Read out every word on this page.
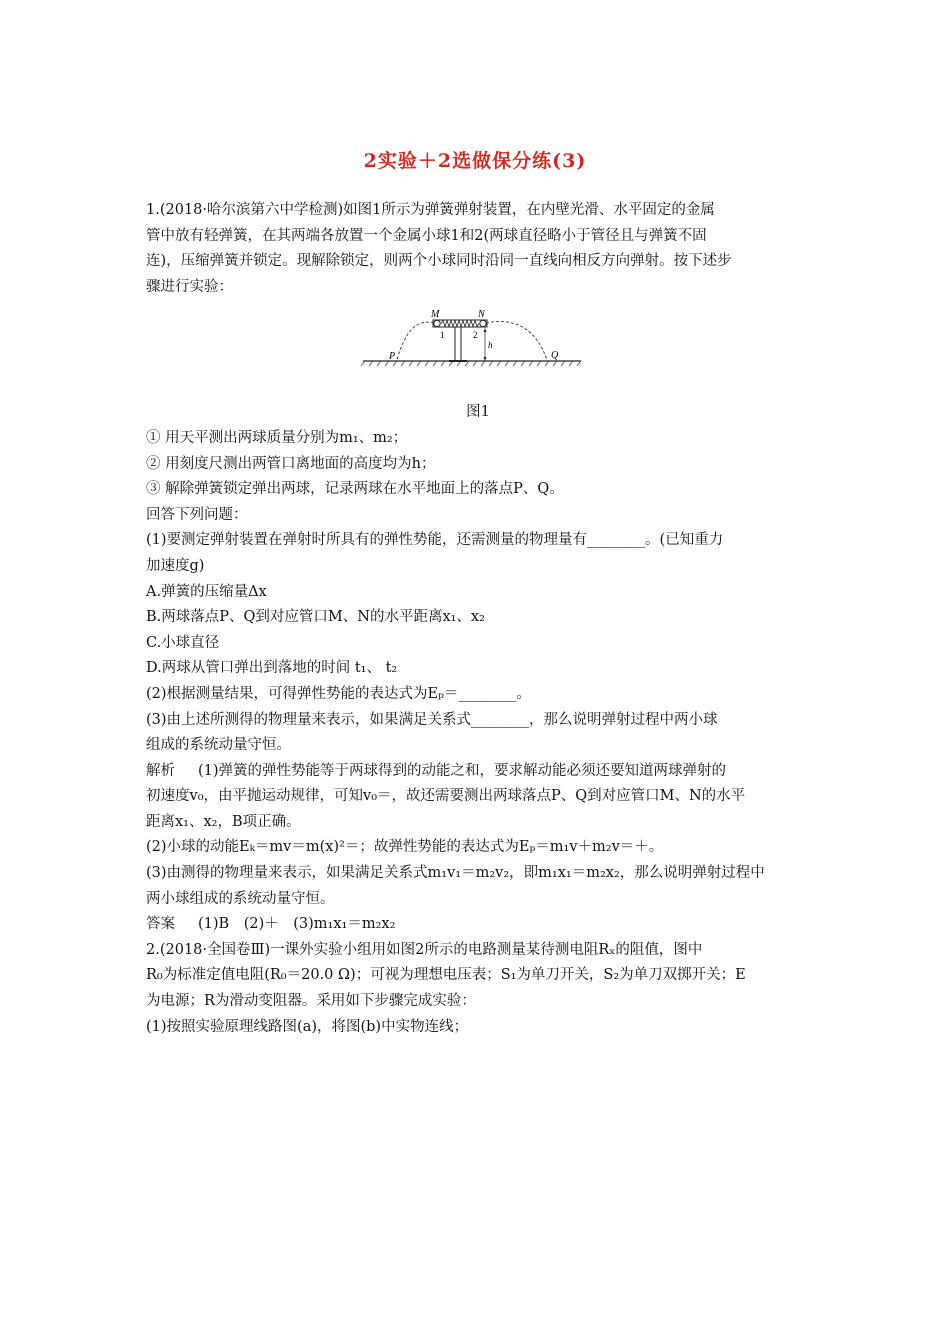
2实验＋2选做保分练(3)

1.(2018·哈尔滨第六中学检测)如图1所示为弹簧弹射装置，在内壁光滑、水平固定的金属

管中放有轻弹簧，在其两端各放置一个金属小球1和2(两球直径略小于管径且与弹簧不固

连)，压缩弹簧并锁定。现解除锁定，则两个小球同时沿同一直线向相反方向弹射。按下述步

骤进行实验：

M	N
1	2
h
P	Q

图1

① 用天平测出两球质量分别为m₁、m₂；

② 用刻度尺测出两管口离地面的高度均为h；

③ 解除弹簧锁定弹出两球，记录两球在水平地面上的落点P、Q。

回答下列问题：

(1)要测定弹射装置在弹射时所具有的弹性势能，还需测量的物理量有________。(已知重力

加速度g)

A.弹簧的压缩量Δx

B.两球落点P、Q到对应管口M、N的水平距离x₁、x₂

C.小球直径

D.两球从管口弹出到落地的时间 t₁、 t₂

(2)根据测量结果，可得弹性势能的表达式为Eₚ＝________。

(3)由上述所测得的物理量来表示，如果满足关系式________，那么说明弹射过程中两小球

组成的系统动量守恒。

解析 (1)弹簧的弹性势能等于两球得到的动能之和，要求解动能必须还要知道两球弹射的

初速度v₀，由平抛运动规律，可知v₀＝，故还需要测出两球落点P、Q到对应管口M、N的水平

距离x₁、x₂，B项正确。

(2)小球的动能Eₖ＝mv＝m(x)²＝；故弹性势能的表达式为Eₚ＝m₁v＋m₂v＝＋。

(3)由测得的物理量来表示，如果满足关系式m₁v₁＝m₂v₂，即m₁x₁＝m₂x₂，那么说明弹射过程中

两小球组成的系统动量守恒。

答案 (1)B　(2)＋　(3)m₁x₁＝m₂x₂

2.(2018·全国卷Ⅲ)一课外实验小组用如图2所示的电路测量某待测电阻Rₓ的阻值，图中

R₀为标准定值电阻(R₀＝20.0 Ω)；可视为理想电压表；S₁为单刀开关，S₂为单刀双掷开关；E

为电源；R为滑动变阻器。采用如下步骤完成实验：

(1)按照实验原理线路图(a)，将图(b)中实物连线；
